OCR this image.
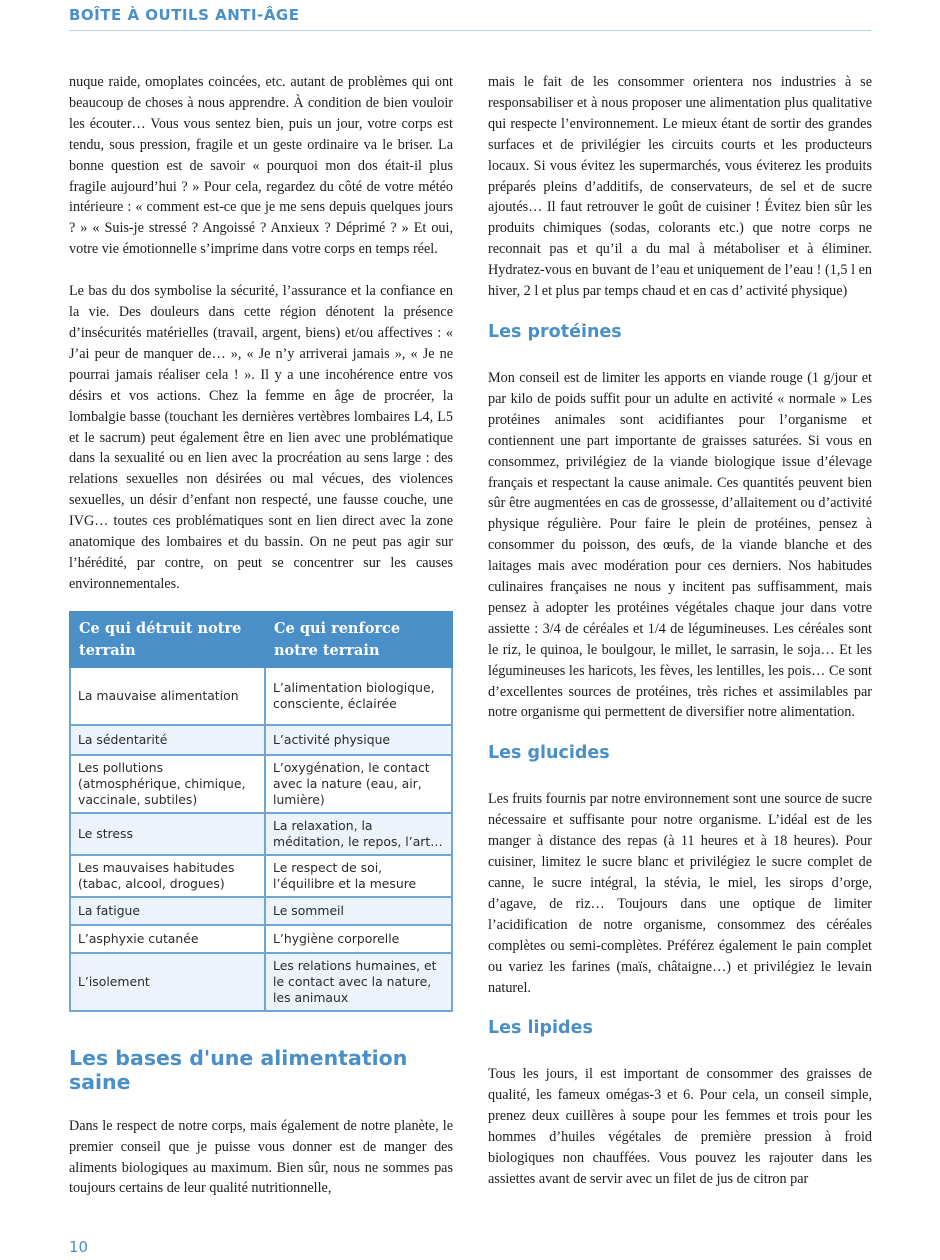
BOÎTE À OUTILS ANTI-ÂGE

nuque raide, omoplates coincées, etc. autant de problèmes qui ont beaucoup de choses à nous apprendre. À condition de bien vouloir les écouter… Vous vous sentez bien, puis un jour, votre corps est tendu, sous pression, fragile et un geste ordinaire va le briser. La bonne question est de savoir « pourquoi mon dos était-il plus fragile aujourd’hui ? » Pour cela, regardez du côté de votre météo intérieure : « comment est-ce que je me sens depuis quelques jours ? » « Suis-je stressé ? Angoissé ? Anxieux ? Déprimé ? » Et oui, votre vie émotionnelle s’imprime dans votre corps en temps réel.

Le bas du dos symbolise la sécurité, l’assurance et la confiance en la vie. Des douleurs dans cette région dénotent la présence d’insécurités matérielles (travail, argent, biens) et/ou affectives : « J’ai peur de manquer de… », « Je n’y arriverai jamais », « Je ne pourrai jamais réaliser cela ! ». Il y a une incohérence entre vos désirs et vos actions. Chez la femme en âge de procréer, la lombalgie basse (touchant les dernières vertèbres lombaires L4, L5 et le sacrum) peut également être en lien avec une problématique dans la sexualité ou en lien avec la procréation au sens large : des relations sexuelles non désirées ou mal vécues, des violences sexuelles, un désir d’enfant non respecté, une fausse couche, une IVG… toutes ces problématiques sont en lien direct avec la zone anatomique des lombaires et du bassin. On ne peut pas agir sur l’hérédité, par contre, on peut se concentrer sur les causes environnementales.

Ce qui détruit notre terrain	Ce qui renforce notre terrain
La mauvaise alimentation	L’alimentation biologique, consciente, éclairée
La sédentarité	L’activité physique
Les pollutions (atmosphérique, chimique, vaccinale, subtiles)	L’oxygénation, le contact avec la nature (eau, air, lumière)
Le stress	La relaxation, la méditation, le repos, l’art…
Les mauvaises habitudes (tabac, alcool, drogues)	Le respect de soi, l’équilibre et la mesure
La fatigue	Le sommeil
L’asphyxie cutanée	L’hygiène corporelle
L’isolement	Les relations humaines, et le contact avec la nature, les animaux
Les bases d'une alimentation saine

Dans le respect de notre corps, mais également de notre planète, le premier conseil que je puisse vous donner est de manger des aliments biologiques au maximum. Bien sûr, nous ne sommes pas toujours certains de leur qualité nutritionnelle,

mais le fait de les consommer orientera nos industries à se responsabiliser et à nous proposer une alimentation plus qualitative qui respecte l’environnement. Le mieux étant de sortir des grandes surfaces et de privilégier les circuits courts et les producteurs locaux. Si vous évitez les supermarchés, vous éviterez les produits préparés pleins d’additifs, de conservateurs, de sel et de sucre ajoutés… Il faut retrouver le goût de cuisiner ! Évitez bien sûr les produits chimiques (sodas, colorants etc.) que notre corps ne reconnait pas et qu’il a du mal à métaboliser et à éliminer. Hydratez-vous en buvant de l’eau et uniquement de l’eau ! (1,5 l en hiver, 2 l et plus par temps chaud et en cas d’ activité physique)

Les protéines

Mon conseil est de limiter les apports en viande rouge (1 g/jour et par kilo de poids suffit pour un adulte en activité « normale » Les protéines animales sont acidifiantes pour l’organisme et contiennent une part importante de graisses saturées. Si vous en consommez, privilégiez de la viande biologique issue d’élevage français et respectant la cause animale. Ces quantités peuvent bien sûr être augmentées en cas de grossesse, d’allaitement ou d’activité physique régulière. Pour faire le plein de protéines, pensez à consommer du poisson, des œufs, de la viande blanche et des laitages mais avec modération pour ces derniers. Nos habitudes culinaires françaises ne nous y incitent pas suffisamment, mais pensez à adopter les protéines végétales chaque jour dans votre assiette : 3/4 de céréales et 1/4 de légumineuses. Les céréales sont le riz, le quinoa, le boulgour, le millet, le sarrasin, le soja… Et les légumineuses les haricots, les fèves, les lentilles, les pois… Ce sont d’excellentes sources de protéines, très riches et assimilables par notre organisme qui permettent de diversifier notre alimentation.

Les glucides

Les fruits fournis par notre environnement sont une source de sucre nécessaire et suffisante pour notre organisme. L’idéal est de les manger à distance des repas (à 11 heures et à 18 heures). Pour cuisiner, limitez le sucre blanc et privilégiez le sucre complet de canne, le sucre intégral, la stévia, le miel, les sirops d’orge, d’agave, de riz… Toujours dans une optique de limiter l’acidification de notre organisme, consommez des céréales complètes ou semi-complètes. Préférez également le pain complet ou variez les farines (maïs, châtaigne…) et privilégiez le levain naturel.

Les lipides

Tous les jours, il est important de consommer des graisses de qualité, les fameux omégas-3 et 6. Pour cela, un conseil simple, prenez deux cuillères à soupe pour les femmes et trois pour les hommes d’huiles végétales de première pression à froid biologiques non chauffées. Vous pouvez les rajouter dans les assiettes avant de servir avec un filet de jus de citron par

10
